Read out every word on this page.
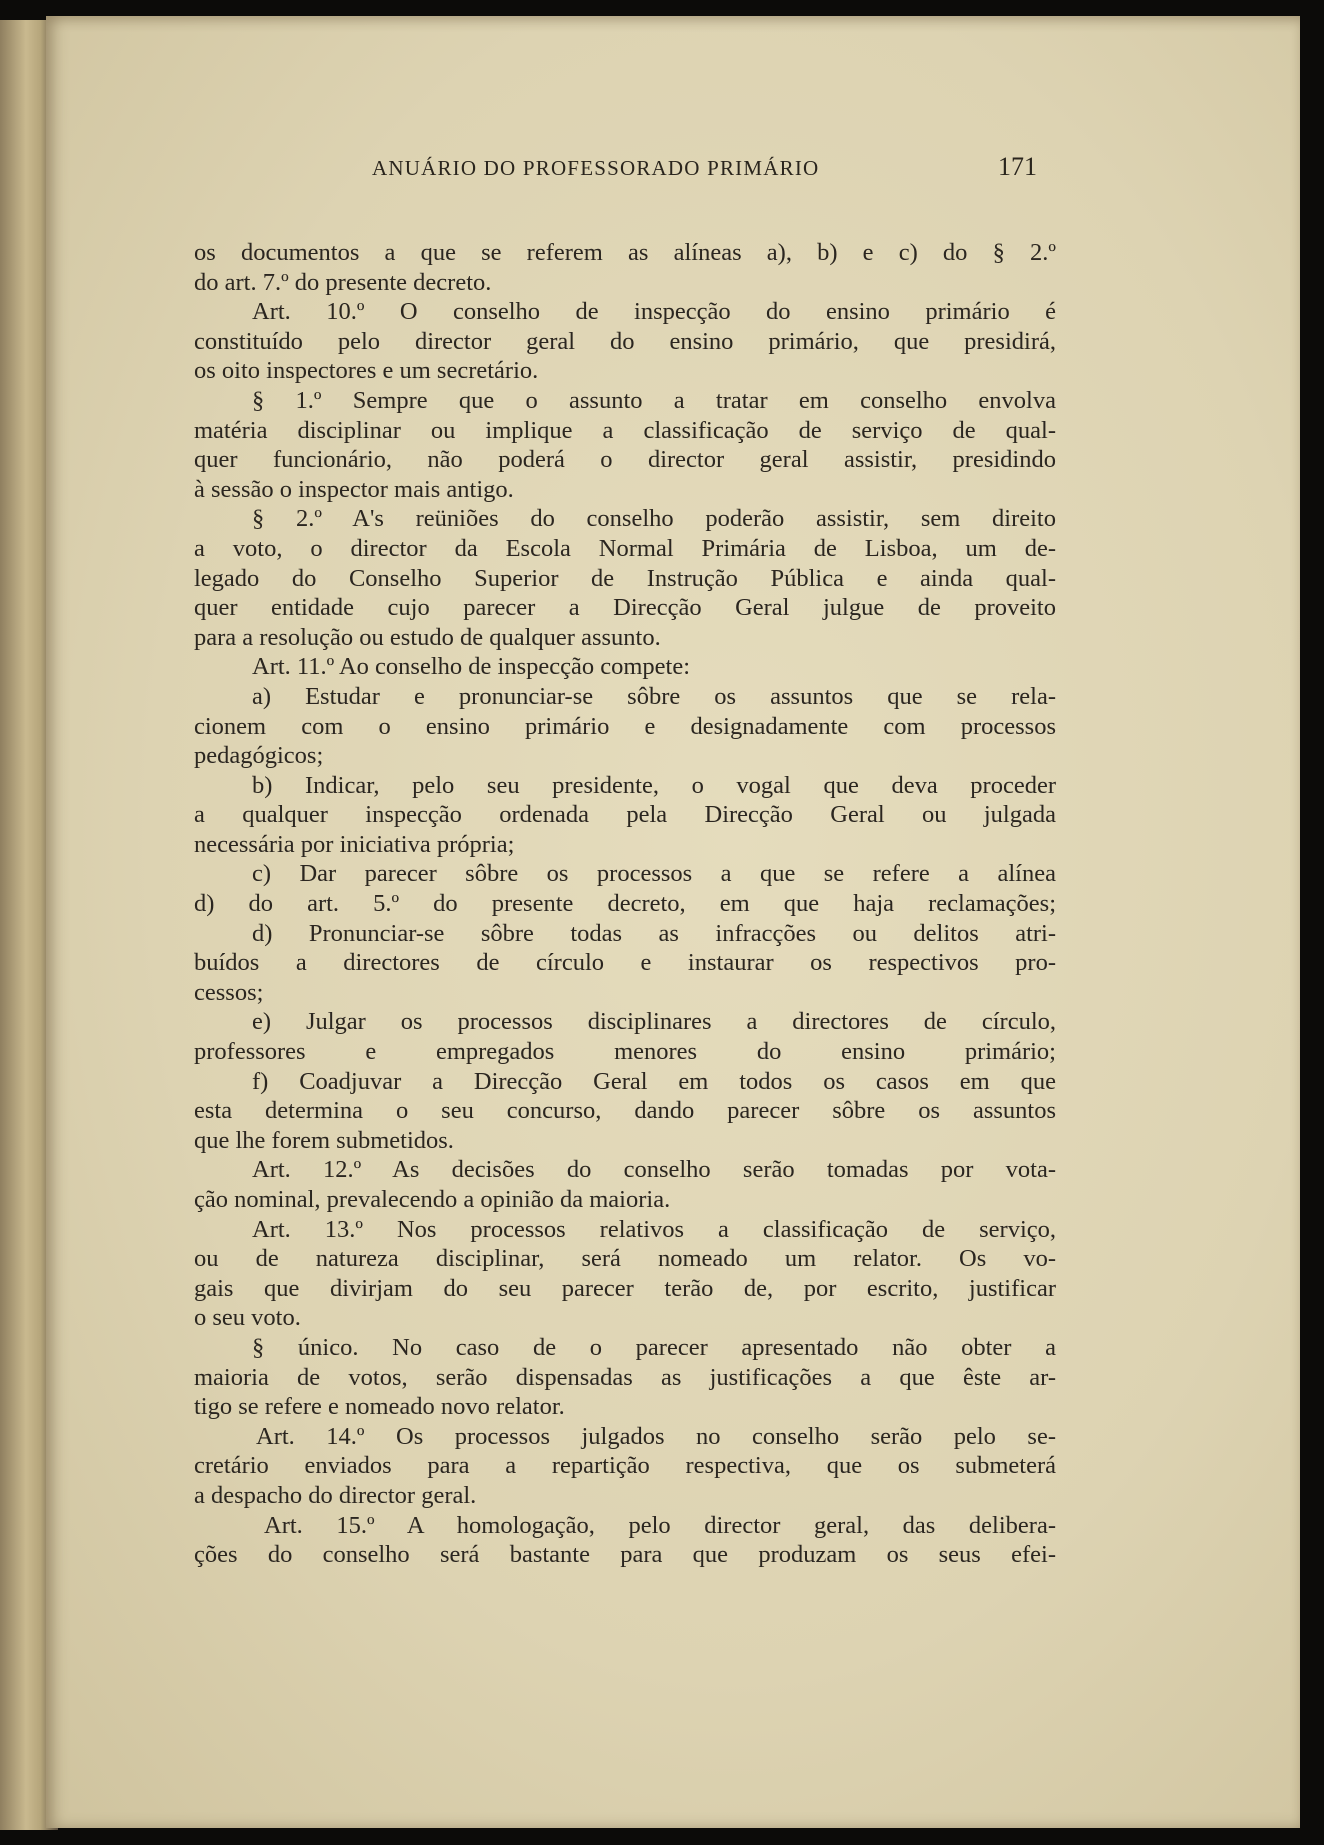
ANUÁRIO DO PROFESSORADO PRIMÁRIO	171
os documentos a que se referem as alíneas a), b) e c) do § 2.º
do art. 7.º do presente decreto.
Art. 10.º O conselho de inspecção do ensino primário é
constituído pelo director geral do ensino primário, que presidirá,
os oito inspectores e um secretário.
§ 1.º Sempre que o assunto a tratar em conselho envolva
matéria disciplinar ou implique a classificação de serviço de qual-
quer funcionário, não poderá o director geral assistir, presidindo
à sessão o inspector mais antigo.
§ 2.º A's reüniões do conselho poderão assistir, sem direito
a voto, o director da Escola Normal Primária de Lisboa, um de-
legado do Conselho Superior de Instrução Pública e ainda qual-
quer entidade cujo parecer a Direcção Geral julgue de proveito
para a resolução ou estudo de qualquer assunto.
Art. 11.º Ao conselho de inspecção compete:
a) Estudar e pronunciar-se sôbre os assuntos que se rela-
cionem com o ensino primário e designadamente com processos
pedagógicos;
b) Indicar, pelo seu presidente, o vogal que deva proceder
a qualquer inspecção ordenada pela Direcção Geral ou julgada
necessária por iniciativa própria;
c) Dar parecer sôbre os processos a que se refere a alínea
d) do art. 5.º do presente decreto, em que haja reclamações;
d) Pronunciar-se sôbre todas as infracções ou delitos atri-
buídos a directores de círculo e instaurar os respectivos pro-
cessos;
e) Julgar os processos disciplinares a directores de círculo,
professores e empregados menores do ensino primário;
f) Coadjuvar a Direcção Geral em todos os casos em que
esta determina o seu concurso, dando parecer sôbre os assuntos
que lhe forem submetidos.
Art. 12.º As decisões do conselho serão tomadas por vota-
ção nominal, prevalecendo a opinião da maioria.
Art. 13.º Nos processos relativos a classificação de serviço,
ou de natureza disciplinar, será nomeado um relator. Os vo-
gais que divirjam do seu parecer terão de, por escrito, justificar
o seu voto.
§ único. No caso de o parecer apresentado não obter a
maioria de votos, serão dispensadas as justificações a que êste ar-
tigo se refere e nomeado novo relator.
Art. 14.º Os processos julgados no conselho serão pelo se-
cretário enviados para a repartição respectiva, que os submeterá
a despacho do director geral.
Art. 15.º A homologação, pelo director geral, das delibera-
ções do conselho será bastante para que produzam os seus efei-
